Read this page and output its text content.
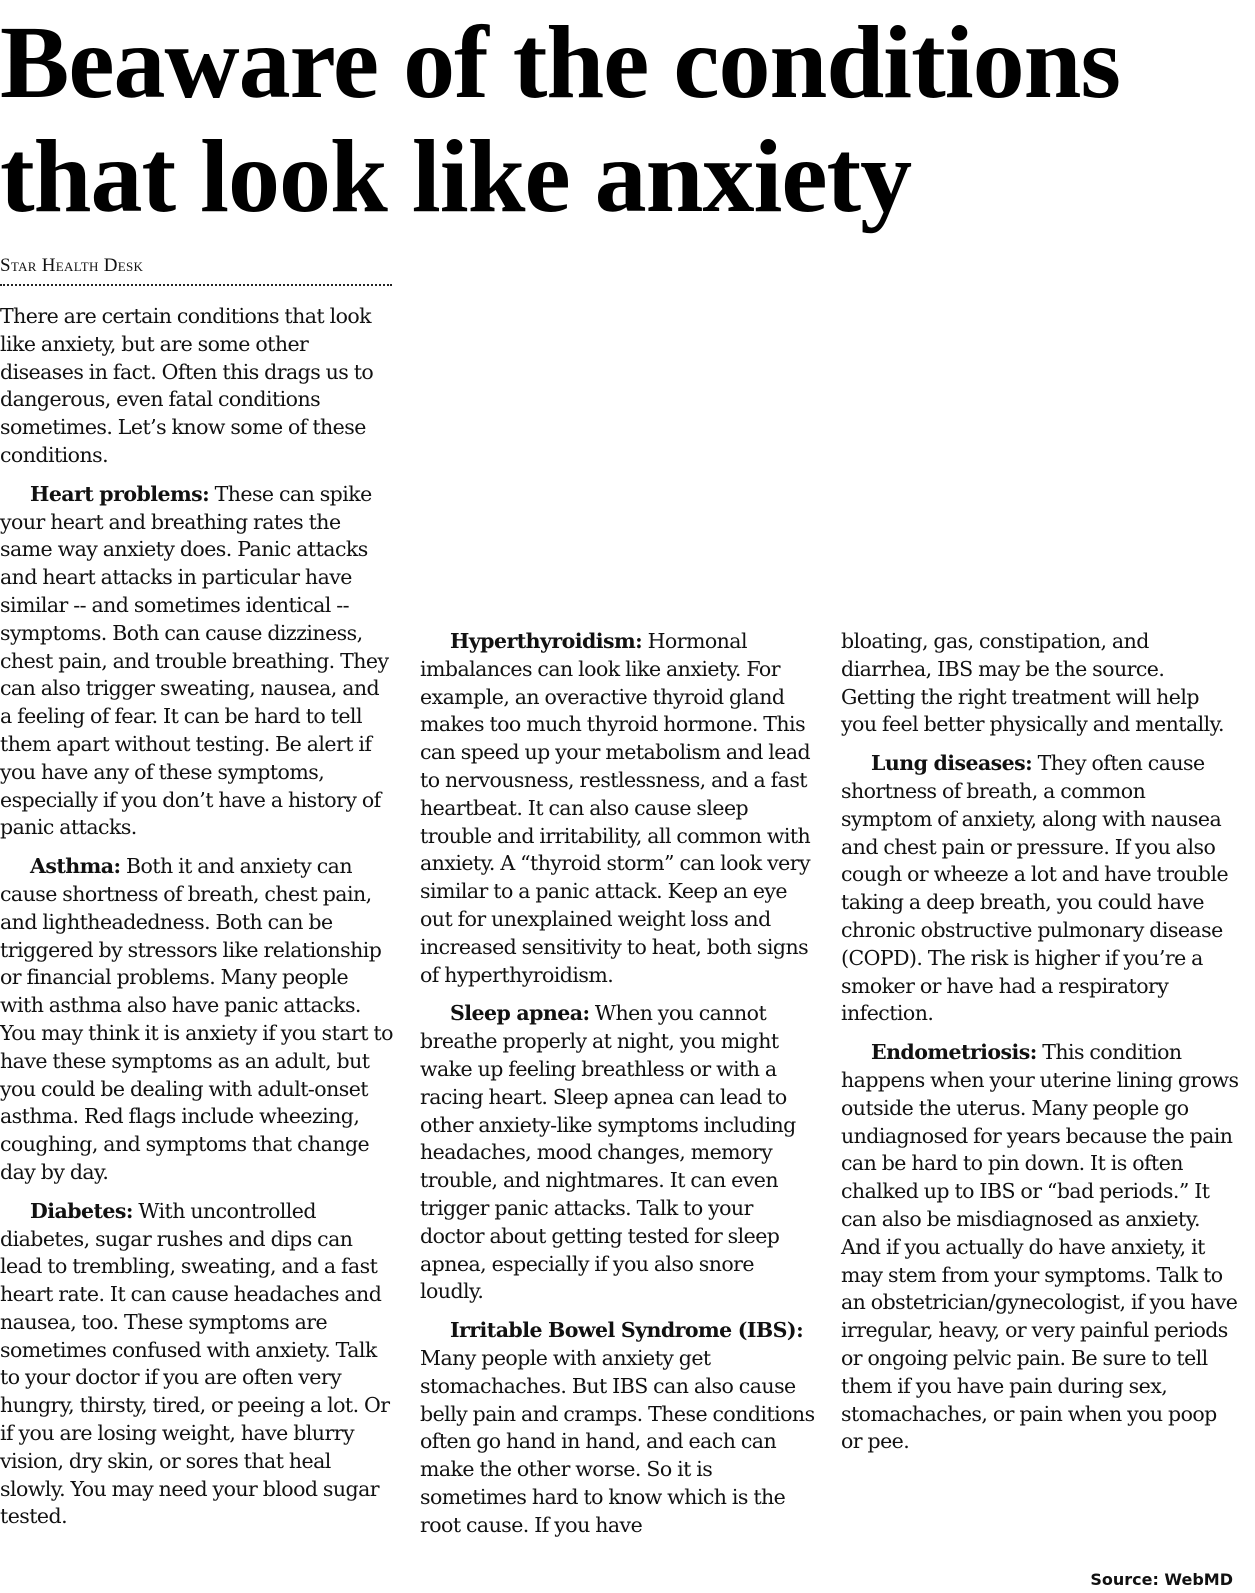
Beaware of the conditions
that look like anxiety
Star Health Desk

There are certain conditions that look like anxiety, but are some other diseases in fact. Often this drags us to dangerous, even fatal conditions sometimes. Let’s know some of these conditions.

Heart problems: These can spike your heart and breathing rates the same way anxiety does. Panic attacks and heart attacks in particular have similar -- and sometimes identical -- symptoms. Both can cause dizziness, chest pain, and trouble breathing. They can also trigger sweating, nausea, and a feeling of fear. It can be hard to tell them apart without testing. Be alert if you have any of these symptoms, especially if you don’t have a history of panic attacks.

Asthma: Both it and anxiety can cause shortness of breath, chest pain, and lightheadedness. Both can be triggered by stressors like relationship or financial problems. Many people with asthma also have panic attacks. You may think it is anxiety if you start to have these symptoms as an adult, but you could be dealing with adult-onset asthma. Red flags include wheezing, coughing, and symptoms that change day by day.

Diabetes: With uncontrolled diabetes, sugar rushes and dips can lead to trembling, sweating, and a fast heart rate. It can cause headaches and nausea, too. These symptoms are sometimes confused with anxiety. Talk to your doctor if you are often very hungry, thirsty, tired, or peeing a lot. Or if you are losing weight, have blurry vision, dry skin, or sores that heal slowly. You may need your blood sugar tested.

Hyperthyroidism: Hormonal imbalances can look like anxiety. For example, an overactive thyroid gland makes too much thyroid hormone. This can speed up your metabolism and lead to nervousness, restlessness, and a fast heartbeat. It can also cause sleep trouble and irritability, all common with anxiety. A “thyroid storm” can look very similar to a panic attack. Keep an eye out for unexplained weight loss and increased sensitivity to heat, both signs of hyperthyroidism.

Sleep apnea: When you cannot breathe properly at night, you might wake up feeling breathless or with a racing heart. Sleep apnea can lead to other anxiety-like symptoms including headaches, mood changes, memory trouble, and nightmares. It can even trigger panic attacks. Talk to your doctor about getting tested for sleep apnea, especially if you also snore loudly.

Irritable Bowel Syndrome (IBS): Many people with anxiety get stomachaches. But IBS can also cause belly pain and cramps. These conditions often go hand in hand, and each can make the other worse. So it is sometimes hard to know which is the root cause. If you have

bloating, gas, constipation, and diarrhea, IBS may be the source. Getting the right treatment will help you feel better physically and mentally.

Lung diseases: They often cause shortness of breath, a common symptom of anxiety, along with nausea and chest pain or pressure. If you also cough or wheeze a lot and have trouble taking a deep breath, you could have chronic obstructive pulmonary disease (COPD). The risk is higher if you’re a smoker or have had a respiratory infection.

Endometriosis: This condition happens when your uterine lining grows outside the uterus. Many people go undiagnosed for years because the pain can be hard to pin down. It is often chalked up to IBS or “bad periods.” It can also be misdiagnosed as anxiety. And if you actually do have anxiety, it may stem from your symptoms. Talk to an obstetrician/gynecologist, if you have irregular, heavy, or very painful periods or ongoing pelvic pain. Be sure to tell them if you have pain during sex, stomachaches, or pain when you poop or pee.

Source: WebMD
